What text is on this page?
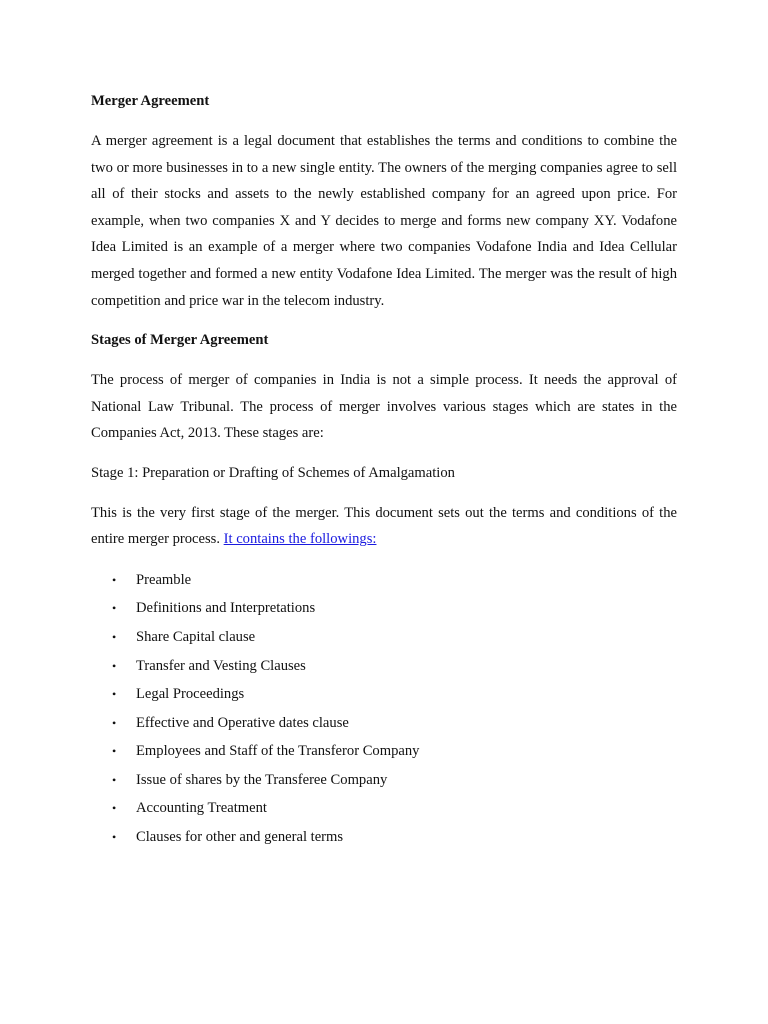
Merger Agreement

A merger agreement is a legal document that establishes the terms and conditions to combine the two or more businesses in to a new single entity. The owners of the merging companies agree to sell all of their stocks and assets to the newly established company for an agreed upon price. For example, when two companies X and Y decides to merge and forms new company XY. Vodafone Idea Limited is an example of a merger where two companies Vodafone India and Idea Cellular merged together and formed a new entity Vodafone Idea Limited. The merger was the result of high competition and price war in the telecom industry.

Stages of Merger Agreement

The process of merger of companies in India is not a simple process. It needs the approval of National Law Tribunal. The process of merger involves various stages which are states in the Companies Act, 2013. These stages are:

Stage 1: Preparation or Drafting of Schemes of Amalgamation

This is the very first stage of the merger. This document sets out the terms and conditions of the entire merger process. It contains the followings:

• Preamble
• Definitions and Interpretations
• Share Capital clause
• Transfer and Vesting Clauses
• Legal Proceedings
• Effective and Operative dates clause
• Employees and Staff of the Transferor Company
• Issue of shares by the Transferee Company
• Accounting Treatment
• Clauses for other and general terms
